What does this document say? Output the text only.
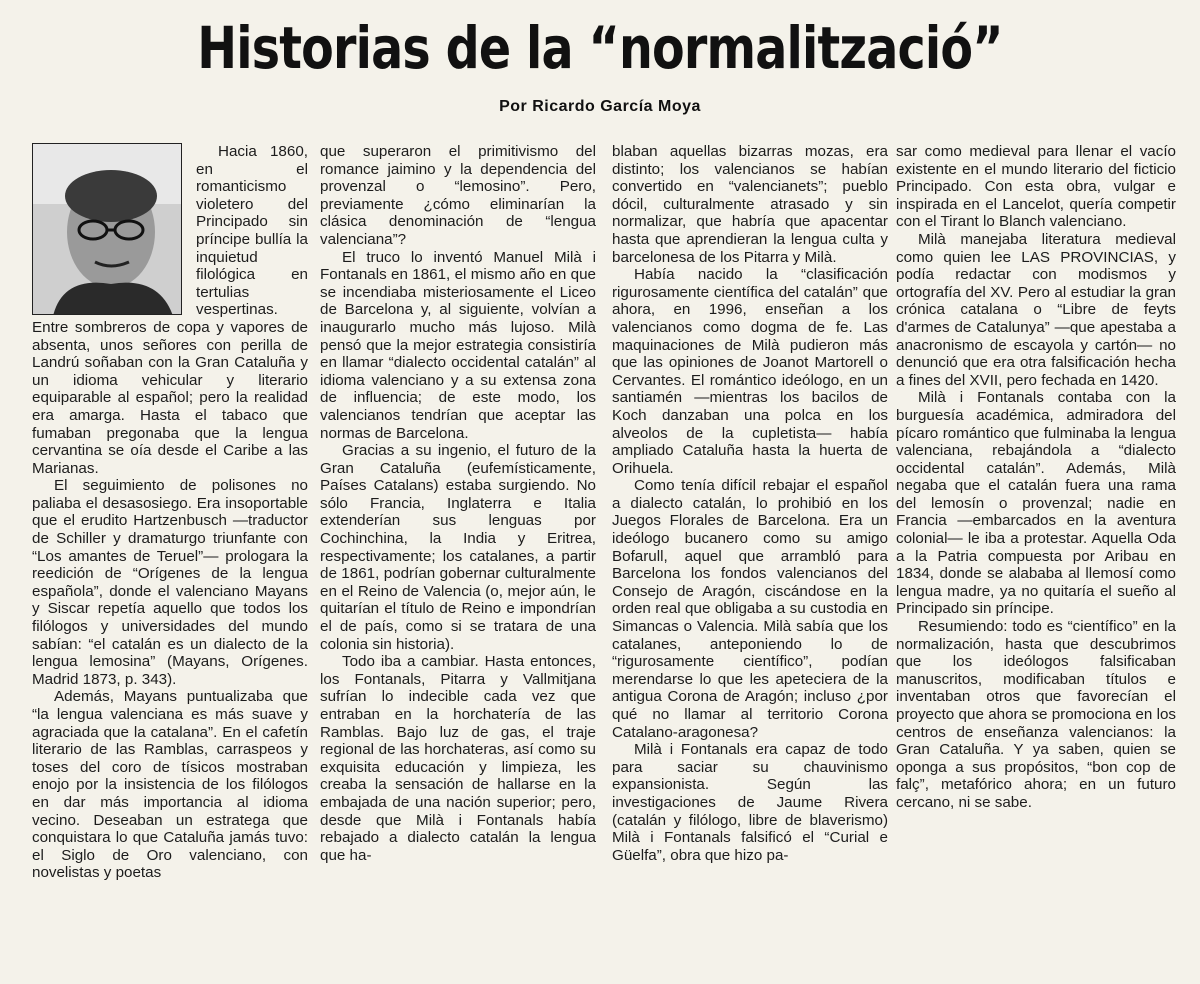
Historias de la “normalització”
Por Ricardo García Moya

Hacia 1860, en el romanticismo violetero del Principado sin príncipe bullía la inquietud filológica en tertulias vespertinas. Entre sombreros de copa y vapores de absenta, unos señores con perilla de Landrú soñaban con la Gran Cataluña y un idioma vehicular y literario equiparable al español; pero la realidad era amarga. Hasta el tabaco que fumaban pregonaba que la lengua cervantina se oía desde el Caribe a las Marianas.

El seguimiento de polisones no paliaba el desasosiego. Era insoportable que el erudito Hartzenbusch —traductor de Schiller y dramaturgo triunfante con “Los amantes de Teruel”— prologara la reedición de “Orígenes de la lengua española”, donde el valenciano Mayans y Siscar repetía aquello que todos los filólogos y universidades del mundo sabían: “el catalán es un dialecto de la lengua lemosina” (Mayans, Orígenes. Madrid 1873, p. 343).

Además, Mayans puntualizaba que “la lengua valenciana es más suave y agraciada que la catalana”. En el cafetín literario de las Ramblas, carraspeos y toses del coro de tísicos mostraban enojo por la insistencia de los filólogos en dar más importancia al idioma vecino. Deseaban un estratega que conquistara lo que Cataluña jamás tuvo: el Siglo de Oro valenciano, con novelistas y poetas

que superaron el primitivismo del romance jaimino y la dependencia del provenzal o “lemosino”. Pero, previamente ¿cómo eliminarían la clásica denominación de “lengua valenciana”?

El truco lo inventó Manuel Milà i Fontanals en 1861, el mismo año en que se incendiaba misteriosamente el Liceo de Barcelona y, al siguiente, volvían a inaugurarlo mucho más lujoso. Milà pensó que la mejor estrategia consistiría en llamar “dialecto occidental catalán” al idioma valenciano y a su extensa zona de influencia; de este modo, los valencianos tendrían que aceptar las normas de Barcelona.

Gracias a su ingenio, el futuro de la Gran Cataluña (eufemísticamente, Países Catalans) estaba surgiendo. No sólo Francia, Inglaterra e Italia extenderían sus lenguas por Cochinchina, la India y Eritrea, respectivamente; los catalanes, a partir de 1861, podrían gobernar culturalmente en el Reino de Valencia (o, mejor aún, le quitarían el título de Reino e impondrían el de país, como si se tratara de una colonia sin historia).

Todo iba a cambiar. Hasta entonces, los Fontanals, Pitarra y Vallmitjana sufrían lo indecible cada vez que entraban en la horchatería de las Ramblas. Bajo luz de gas, el traje regional de las horchateras, así como su exquisita educación y limpieza, les creaba la sensación de hallarse en la embajada de una nación superior; pero, desde que Milà i Fontanals había rebajado a dialecto catalán la lengua que ha-

blaban aquellas bizarras mozas, era distinto; los valencianos se habían convertido en “valencianets”; pueblo dócil, culturalmente atrasado y sin normalizar, que habría que apacentar hasta que aprendieran la lengua culta y barcelonesa de los Pitarra y Milà.

Había nacido la “clasificación rigurosamente científica del catalán” que ahora, en 1996, enseñan a los valencianos como dogma de fe. Las maquinaciones de Milà pudieron más que las opiniones de Joanot Martorell o Cervantes. El romántico ideólogo, en un santiamén —mientras los bacilos de Koch danzaban una polca en los alveolos de la cupletista— había ampliado Cataluña hasta la huerta de Orihuela.

Como tenía difícil rebajar el español a dialecto catalán, lo prohibió en los Juegos Florales de Barcelona. Era un ideólogo bucanero como su amigo Bofarull, aquel que arrambló para Barcelona los fondos valencianos del Consejo de Aragón, ciscándose en la orden real que obligaba a su custodia en Simancas o Valencia. Milà sabía que los catalanes, anteponiendo lo de “rigurosamente científico”, podían merendarse lo que les apeteciera de la antigua Corona de Aragón; incluso ¿por qué no llamar al territorio Corona Catalano-aragonesa?

Milà i Fontanals era capaz de todo para saciar su chauvinismo expansionista. Según las investigaciones de Jaume Rivera (catalán y filólogo, libre de blaverismo) Milà i Fontanals falsificó el “Curial e Güelfa”, obra que hizo pa-

sar como medieval para llenar el vacío existente en el mundo literario del ficticio Principado. Con esta obra, vulgar e inspirada en el Lancelot, quería competir con el Tirant lo Blanch valenciano.

Milà manejaba literatura medieval como quien lee LAS PROVINCIAS, y podía redactar con modismos y ortografía del XV. Pero al estudiar la gran crónica catalana o “Libre de feyts d'armes de Catalunya” —que apestaba a anacronismo de escayola y cartón— no denunció que era otra falsificación hecha a fines del XVII, pero fechada en 1420.

Milà i Fontanals contaba con la burguesía académica, admiradora del pícaro romántico que fulminaba la lengua valenciana, rebajándola a “dialecto occidental catalán”. Además, Milà negaba que el catalán fuera una rama del lemosín o provenzal; nadie en Francia —embarcados en la aventura colonial— le iba a protestar. Aquella Oda a la Patria compuesta por Aribau en 1834, donde se alababa al llemosí como lengua madre, ya no quitaría el sueño al Principado sin príncipe.

Resumiendo: todo es “científico” en la normalización, hasta que descubrimos que los ideólogos falsificaban manuscritos, modificaban títulos e inventaban otros que favorecían el proyecto que ahora se promociona en los centros de enseñanza valencianos: la Gran Cataluña. Y ya saben, quien se oponga a sus propósitos, “bon cop de falç”, metafórico ahora; en un futuro cercano, ni se sabe.
